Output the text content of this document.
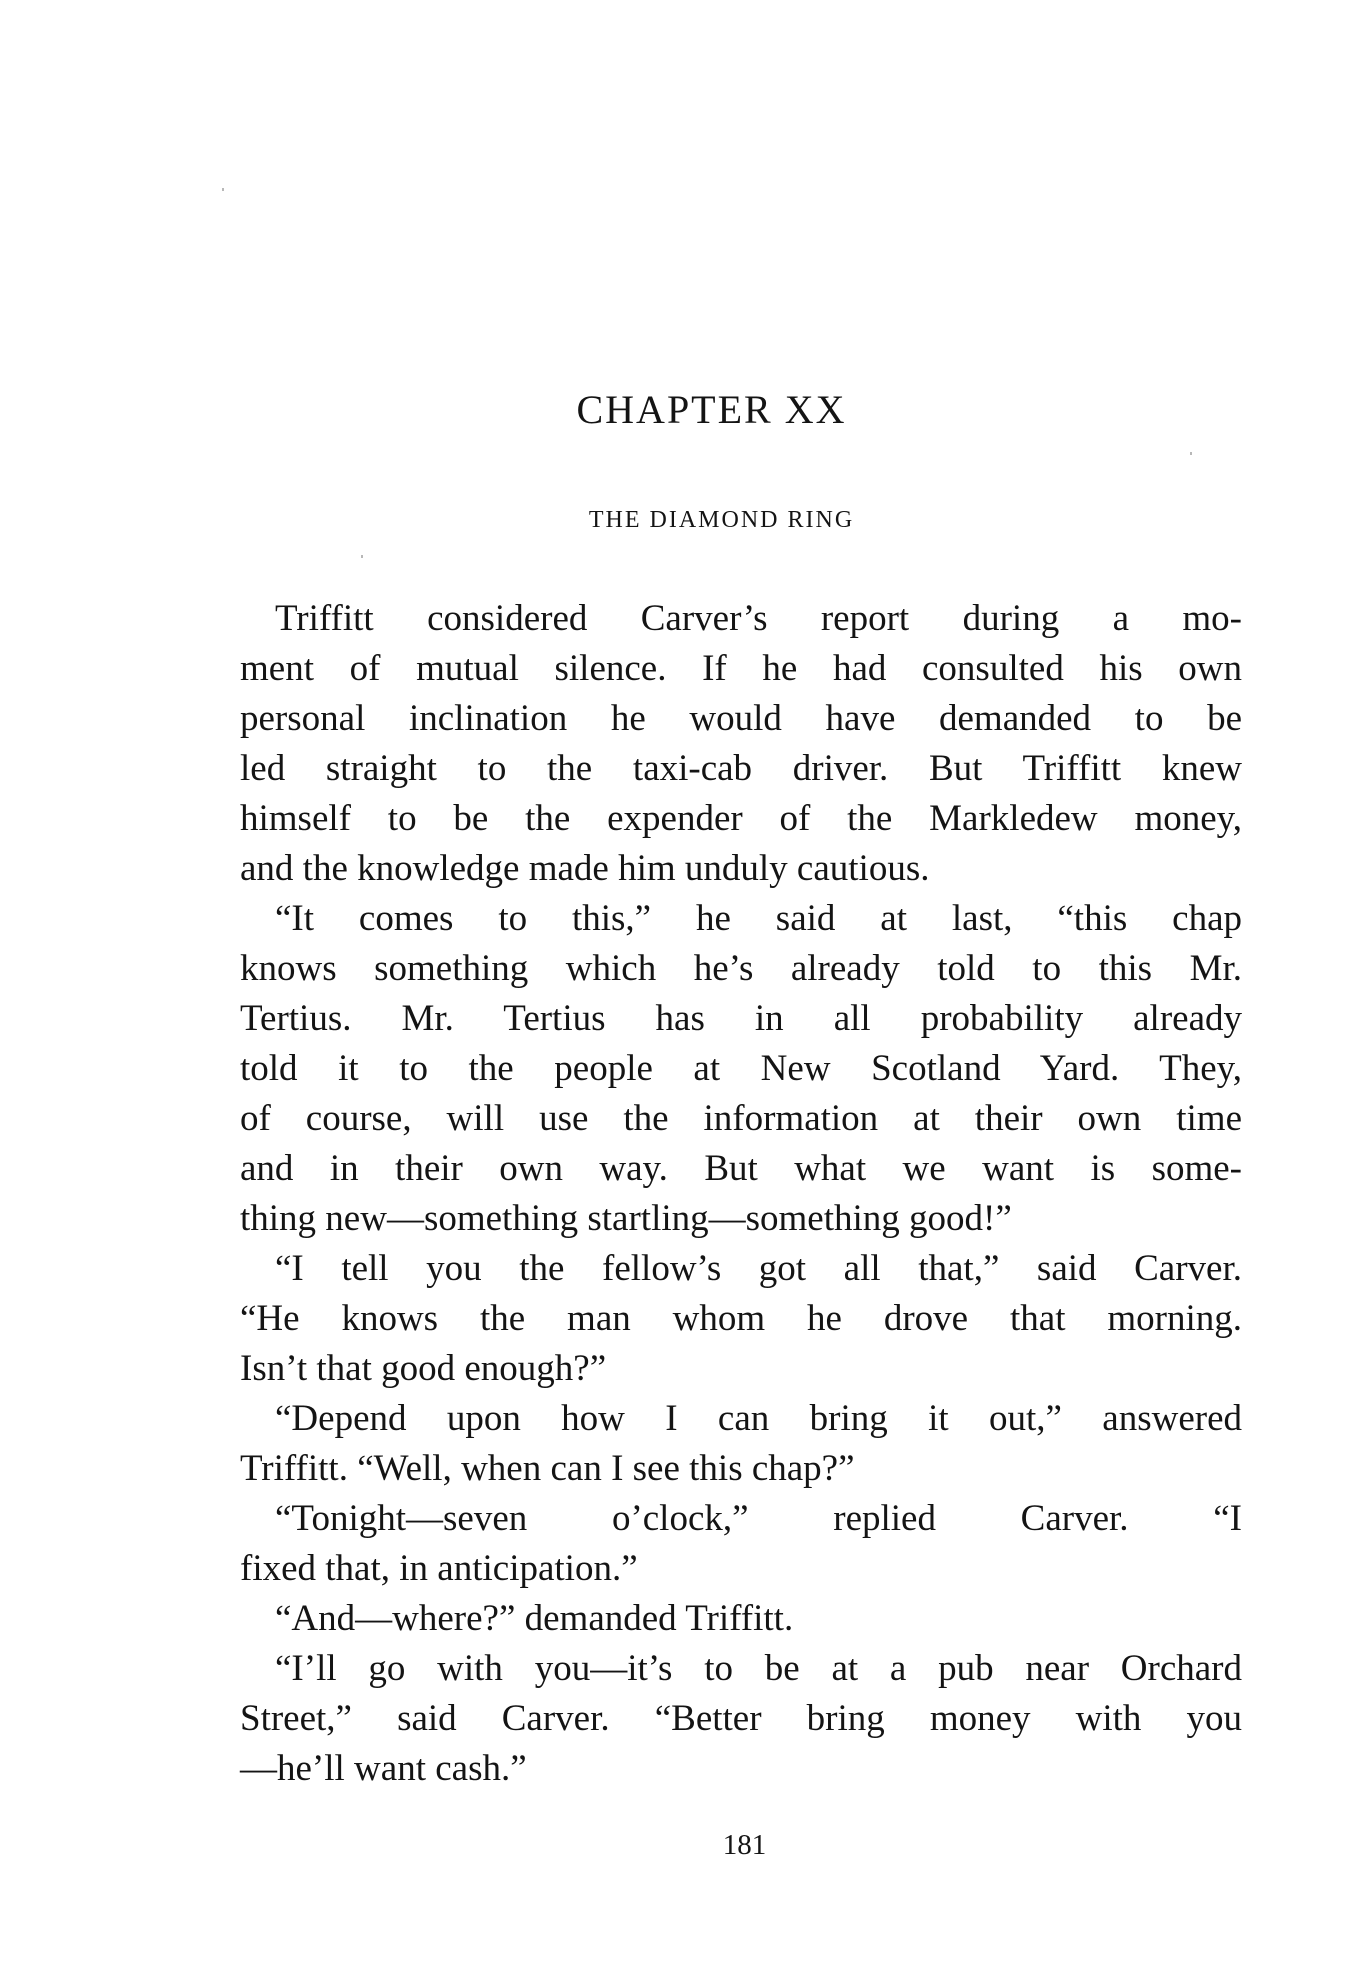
CHAPTER XX
THE DIAMOND RING
Triffitt considered Carver’s report during a mo-
ment of mutual silence. If he had consulted his own
personal inclination he would have demanded to be
led straight to the taxi-cab driver. But Triffitt knew
himself to be the expender of the Markledew money,
and the knowledge made him unduly cautious.
“It comes to this,” he said at last, “this chap
knows something which he’s already told to this Mr.
Tertius. Mr. Tertius has in all probability already
told it to the people at New Scotland Yard. They,
of course, will use the information at their own time
and in their own way. But what we want is some-
thing new—something startling—something good!”
“I tell you the fellow’s got all that,” said Carver.
“He knows the man whom he drove that morning.
Isn’t that good enough?”
“Depend upon how I can bring it out,” answered
Triffitt. “Well, when can I see this chap?”
“Tonight—seven o’clock,” replied Carver. “I
fixed that, in anticipation.”
“And—where?” demanded Triffitt.
“I’ll go with you—it’s to be at a pub near Orchard
Street,” said Carver. “Better bring money with you
—he’ll want cash.”
181
